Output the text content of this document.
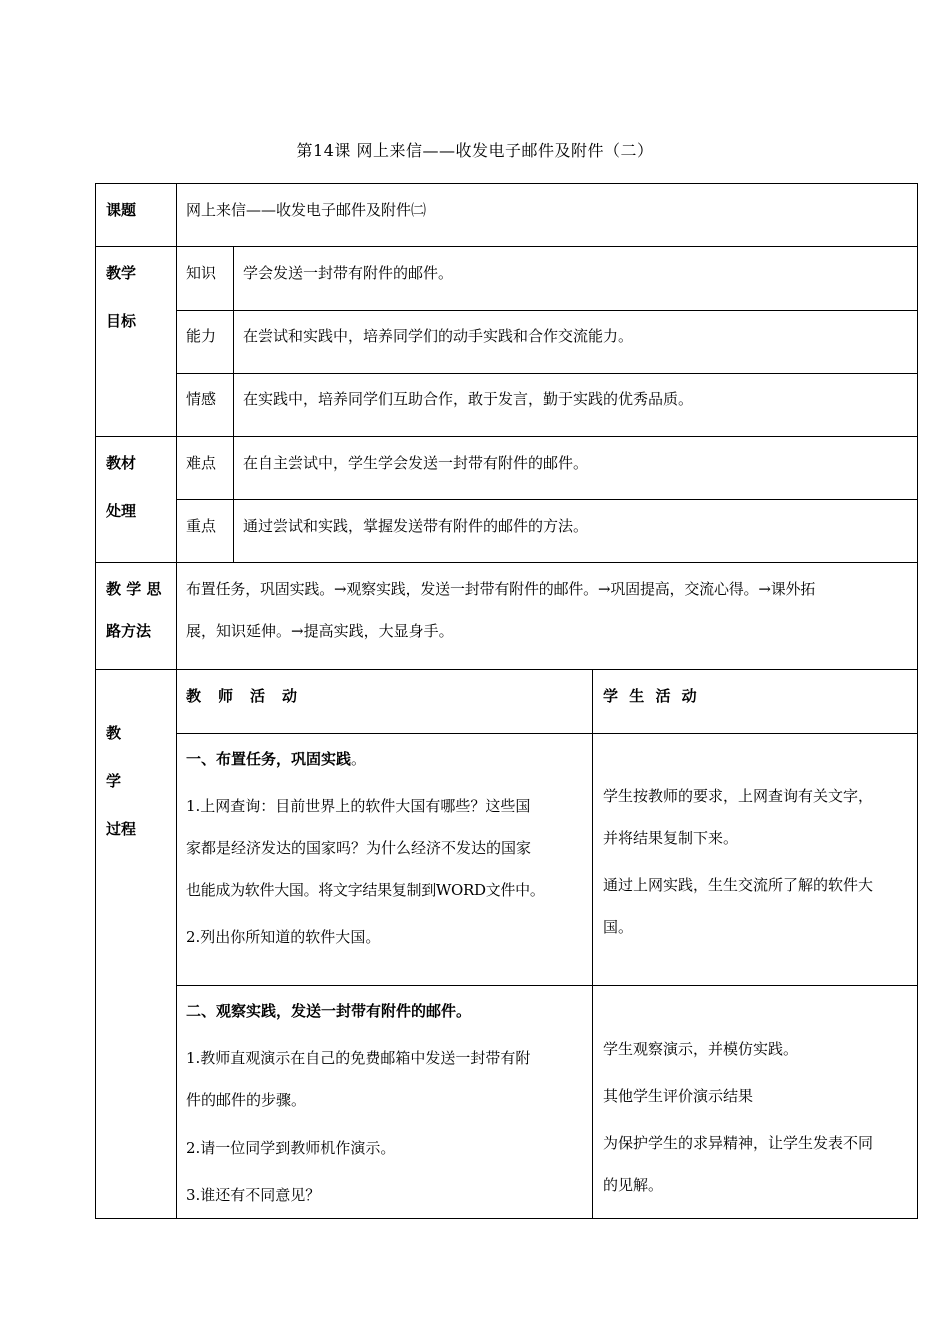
第14课 网上来信——收发电子邮件及附件（二）
课题	网上来信——收发电子邮件及附件㈡
教学
目标
知识 学会发送一封带有附件的邮件。
能力 在尝试和实践中，培养同学们的动手实践和合作交流能力。
情感 在实践中，培养同学们互助合作，敢于发言，勤于实践的优秀品质。
教材
处理
难点 在自主尝试中，学生学会发送一封带有附件的邮件。
重点 通过尝试和实践，掌握发送带有附件的邮件的方法。
教 学 思
路方法
布置任务，巩固实践。→观察实践，发送一封带有附件的邮件。→巩固提高，交流心得。→课外拓
展，知识延伸。→提高实践，大显身手。
教
学
过程
教　师　活　动	学 生 活 动
一、布置任务，巩固实践。
1.上网查询：目前世界上的软件大国有哪些？这些国
家都是经济发达的国家吗？为什么经济不发达的国家
也能成为软件大国。将文字结果复制到WORD文件中。
2.列出你所知道的软件大国。
学生按教师的要求，上网查询有关文字，
并将结果复制下来。
通过上网实践，生生交流所了解的软件大
国。
二、观察实践，发送一封带有附件的邮件。
1.教师直观演示在自己的免费邮箱中发送一封带有附
件的邮件的步骤。
2.请一位同学到教师机作演示。
3.谁还有不同意见？
学生观察演示，并模仿实践。
其他学生评价演示结果
为保护学生的求异精神，让学生发表不同
的见解。
